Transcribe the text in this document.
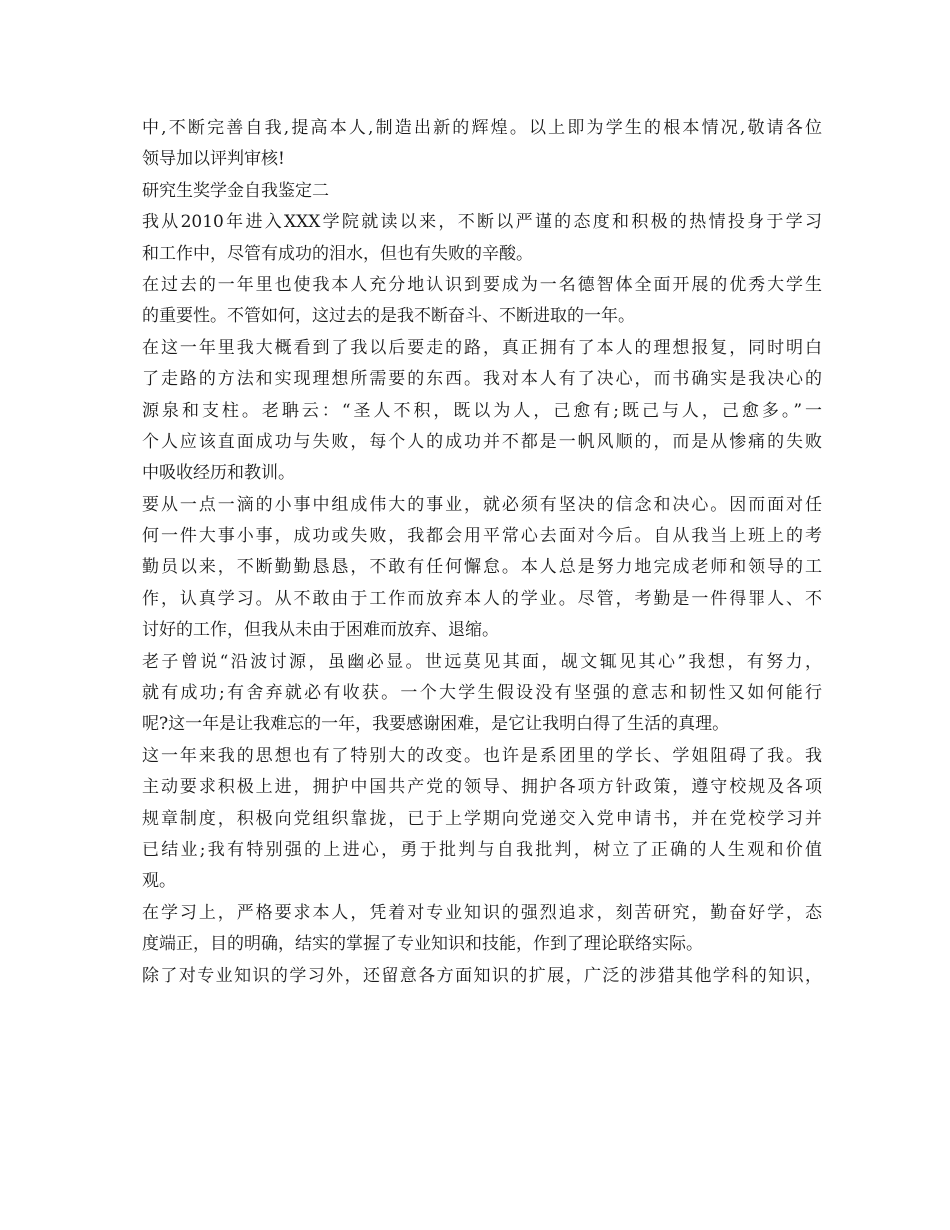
中,不断完善自我,提高本人,制造出新的辉煌。以上即为学生的根本情况,敬请各位
领导加以评判审核!
研究生奖学金自我鉴定二
我从2010年进入XXX学院就读以来，不断以严谨的态度和积极的热情投身于学习
和工作中，尽管有成功的泪水，但也有失败的辛酸。
在过去的一年里也使我本人充分地认识到要成为一名德智体全面开展的优秀大学生
的重要性。不管如何，这过去的是我不断奋斗、不断进取的一年。
在这一年里我大概看到了我以后要走的路，真正拥有了本人的理想报复，同时明白
了走路的方法和实现理想所需要的东西。我对本人有了决心，而书确实是我决心的
源泉和支柱。老聃云：“圣人不积，既以为人，己愈有;既己与人，己愈多。”一
个人应该直面成功与失败，每个人的成功并不都是一帆风顺的，而是从惨痛的失败
中吸收经历和教训。
要从一点一滴的小事中组成伟大的事业，就必须有坚决的信念和决心。因而面对任
何一件大事小事，成功或失败，我都会用平常心去面对今后。自从我当上班上的考
勤员以来，不断勤勤恳恳，不敢有任何懈怠。本人总是努力地完成老师和领导的工
作，认真学习。从不敢由于工作而放弃本人的学业。尽管，考勤是一件得罪人、不
讨好的工作，但我从未由于困难而放弃、退缩。
老子曾说“沿波讨源，虽幽必显。世远莫见其面，觇文辄见其心”我想，有努力，
就有成功;有舍弃就必有收获。一个大学生假设没有坚强的意志和韧性又如何能行
呢?这一年是让我难忘的一年，我要感谢困难，是它让我明白得了生活的真理。
这一年来我的思想也有了特别大的改变。也许是系团里的学长、学姐阻碍了我。我
主动要求积极上进，拥护中国共产党的领导、拥护各项方针政策，遵守校规及各项
规章制度，积极向党组织靠拢，已于上学期向党递交入党申请书，并在党校学习并
已结业;我有特别强的上进心，勇于批判与自我批判，树立了正确的人生观和价值
观。
在学习上，严格要求本人，凭着对专业知识的强烈追求，刻苦研究，勤奋好学，态
度端正，目的明确，结实的掌握了专业知识和技能，作到了理论联络实际。
除了对专业知识的学习外，还留意各方面知识的扩展，广泛的涉猎其他学科的知识，
